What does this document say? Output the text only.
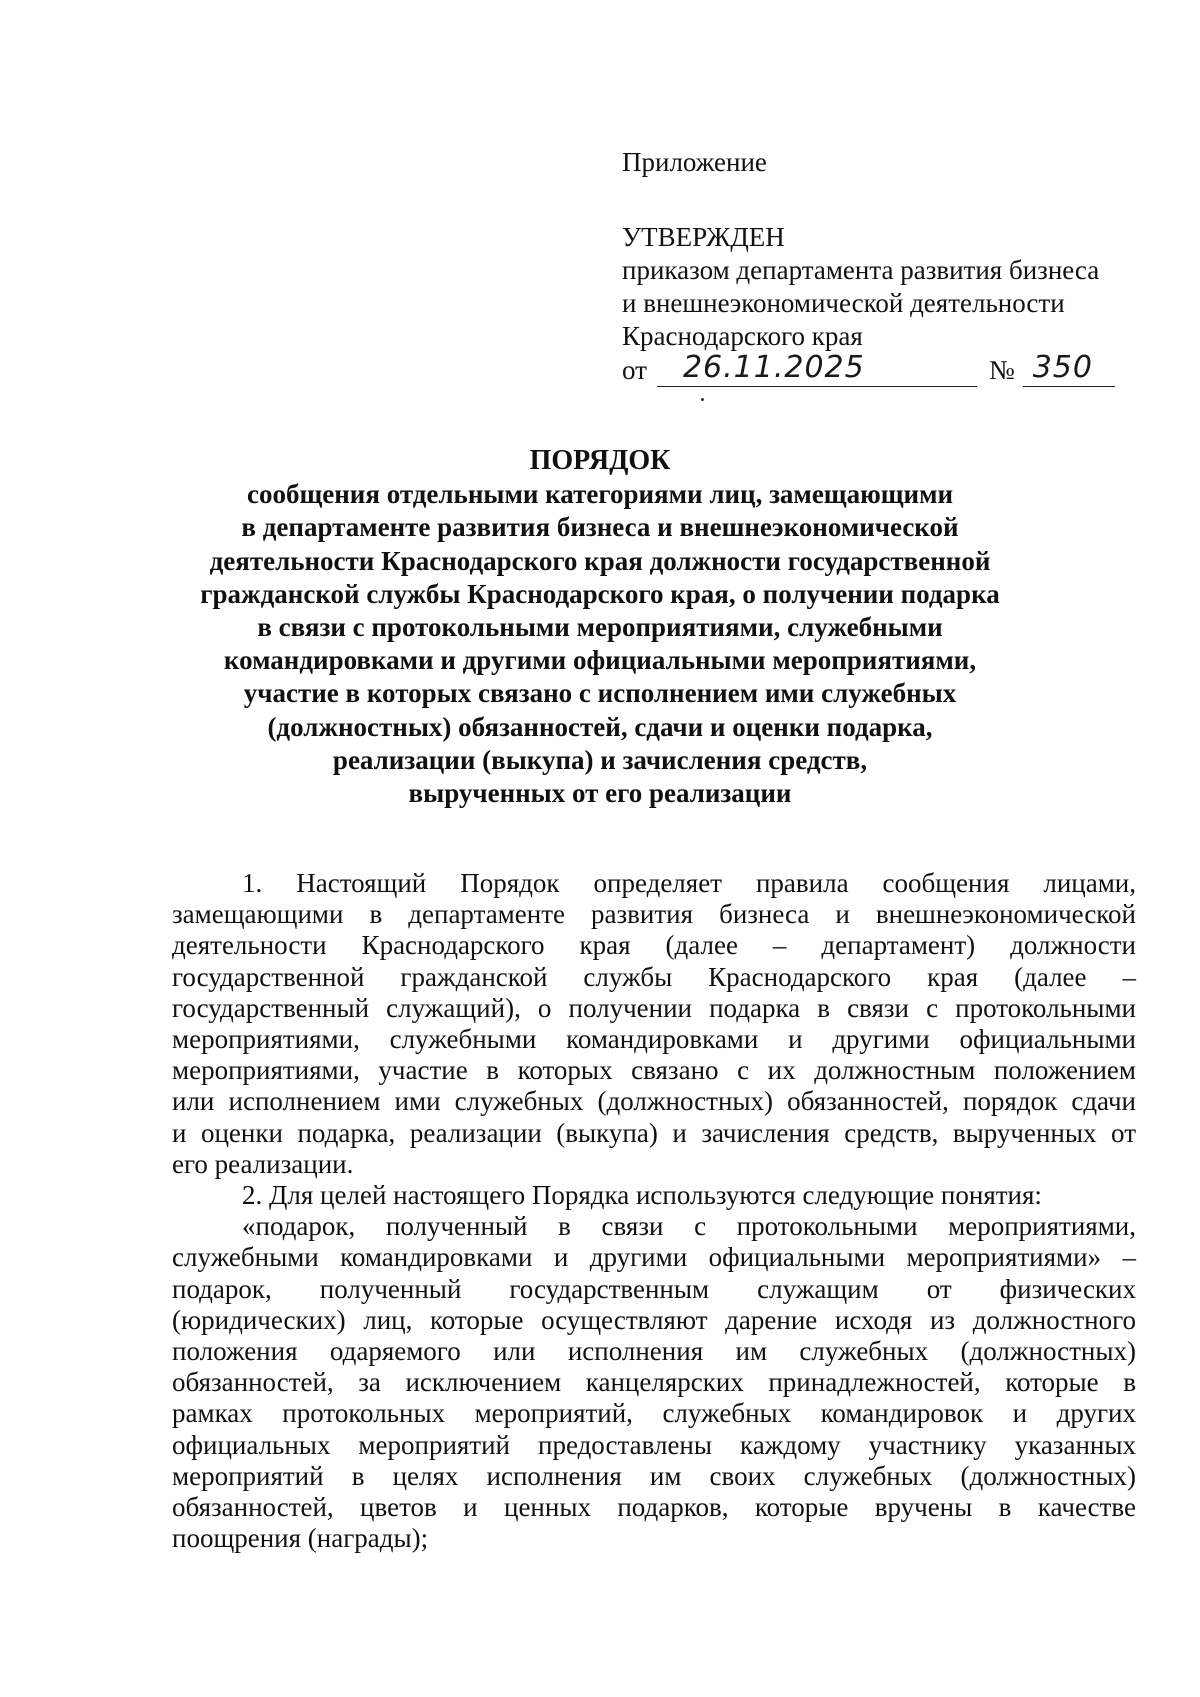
Приложение
УТВЕРЖДЕН
приказом департамента развития бизнеса
и внешнеэкономической деятельности
Краснодарского края
от	26.11.2025	№ 350
ПОРЯДОК
сообщения отдельными категориями лиц, замещающими
в департаменте развития бизнеса и внешнеэкономической
деятельности Краснодарского края должности государственной
гражданской службы Краснодарского края, о получении подарка
в связи с протокольными мероприятиями, служебными
командировками и другими официальными мероприятиями,
участие в которых связано с исполнением ими служебных
(должностных) обязанностей, сдачи и оценки подарка,
реализации (выкупа) и зачисления средств,
вырученных от его реализации
1. Настоящий Порядок определяет правила сообщения лицами,
замещающими в департаменте развития бизнеса и внешнеэкономической
деятельности Краснодарского края (далее – департамент) должности
государственной гражданской службы Краснодарского края (далее –
государственный служащий), о получении подарка в связи с протокольными
мероприятиями, служебными командировками и другими официальными
мероприятиями, участие в которых связано с их должностным положением
или исполнением ими служебных (должностных) обязанностей, порядок сдачи
и оценки подарка, реализации (выкупа) и зачисления средств, вырученных от
его реализации.
2. Для целей настоящего Порядка используются следующие понятия:
«подарок, полученный в связи с протокольными мероприятиями,
служебными командировками и другими официальными мероприятиями» –
подарок, полученный государственным служащим от физических
(юридических) лиц, которые осуществляют дарение исходя из должностного
положения одаряемого или исполнения им служебных (должностных)
обязанностей, за исключением канцелярских принадлежностей, которые в
рамках протокольных мероприятий, служебных командировок и других
официальных мероприятий предоставлены каждому участнику указанных
мероприятий в целях исполнения им своих служебных (должностных)
обязанностей, цветов и ценных подарков, которые вручены в качестве
поощрения (награды);
